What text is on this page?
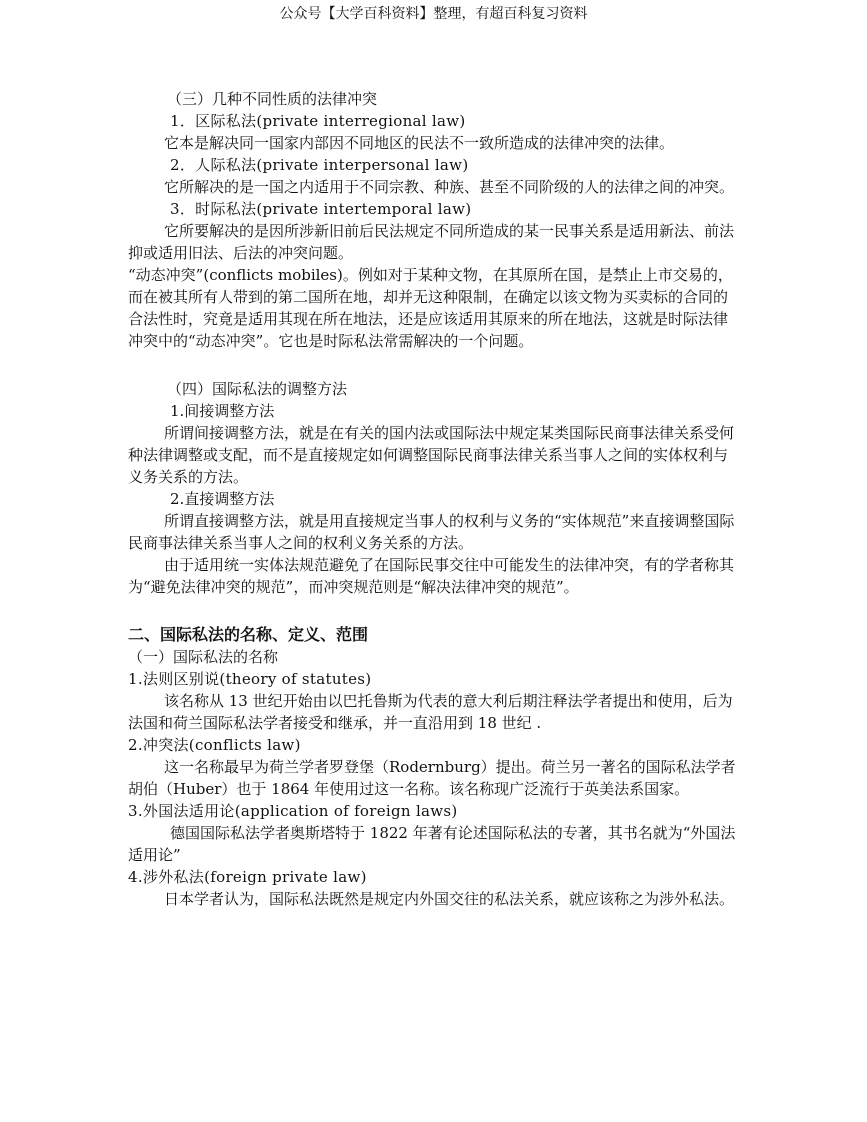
公众号【大学百科资料】整理，有超百科复习资料

（三）几种不同性质的法律冲突

1．区际私法(private interregional law)

它本是解决同一国家内部因不同地区的民法不一致所造成的法律冲突的法律。

2．人际私法(private interpersonal law)

它所解决的是一国之内适用于不同宗教、种族、甚至不同阶级的人的法律之间的冲突。

3．时际私法(private intertemporal law)

它所要解决的是因所涉新旧前后民法规定不同所造成的某一民事关系是适用新法、前法抑或适用旧法、后法的冲突问题。

“动态冲突”(conflicts mobiles)。例如对于某种文物，在其原所在国，是禁止上市交易的，而在被其所有人带到的第二国所在地，却并无这种限制，在确定以该文物为买卖标的合同的合法性时，究竟是适用其现在所在地法，还是应该适用其原来的所在地法，这就是时际法律冲突中的“动态冲突”。它也是时际私法常需解决的一个问题。

（四）国际私法的调整方法

1.间接调整方法

所谓间接调整方法，就是在有关的国内法或国际法中规定某类国际民商事法律关系受何种法律调整或支配，而不是直接规定如何调整国际民商事法律关系当事人之间的实体权利与义务关系的方法。

2.直接调整方法

所谓直接调整方法，就是用直接规定当事人的权利与义务的“实体规范”来直接调整国际民商事法律关系当事人之间的权利义务关系的方法。

由于适用统一实体法规范避免了在国际民事交往中可能发生的法律冲突，有的学者称其为“避免法律冲突的规范”，而冲突规范则是“解决法律冲突的规范”。

二、国际私法的名称、定义、范围

（一）国际私法的名称

1.法则区别说(theory of statutes)

该名称从 13 世纪开始由以巴托鲁斯为代表的意大利后期注释法学者提出和使用，后为法国和荷兰国际私法学者接受和继承，并一直沿用到 18 世纪 .

2.冲突法(conflicts law)

这一名称最早为荷兰学者罗登堡（Rodernburg）提出。荷兰另一著名的国际私法学者胡伯（Huber）也于 1864 年使用过这一名称。该名称现广泛流行于英美法系国家。

3.外国法适用论(application of foreign laws)

德国国际私法学者奥斯塔特于 1822 年著有论述国际私法的专著，其书名就为“外国法适用论”

4.涉外私法(foreign private law)

日本学者认为，国际私法既然是规定内外国交往的私法关系，就应该称之为涉外私法。
